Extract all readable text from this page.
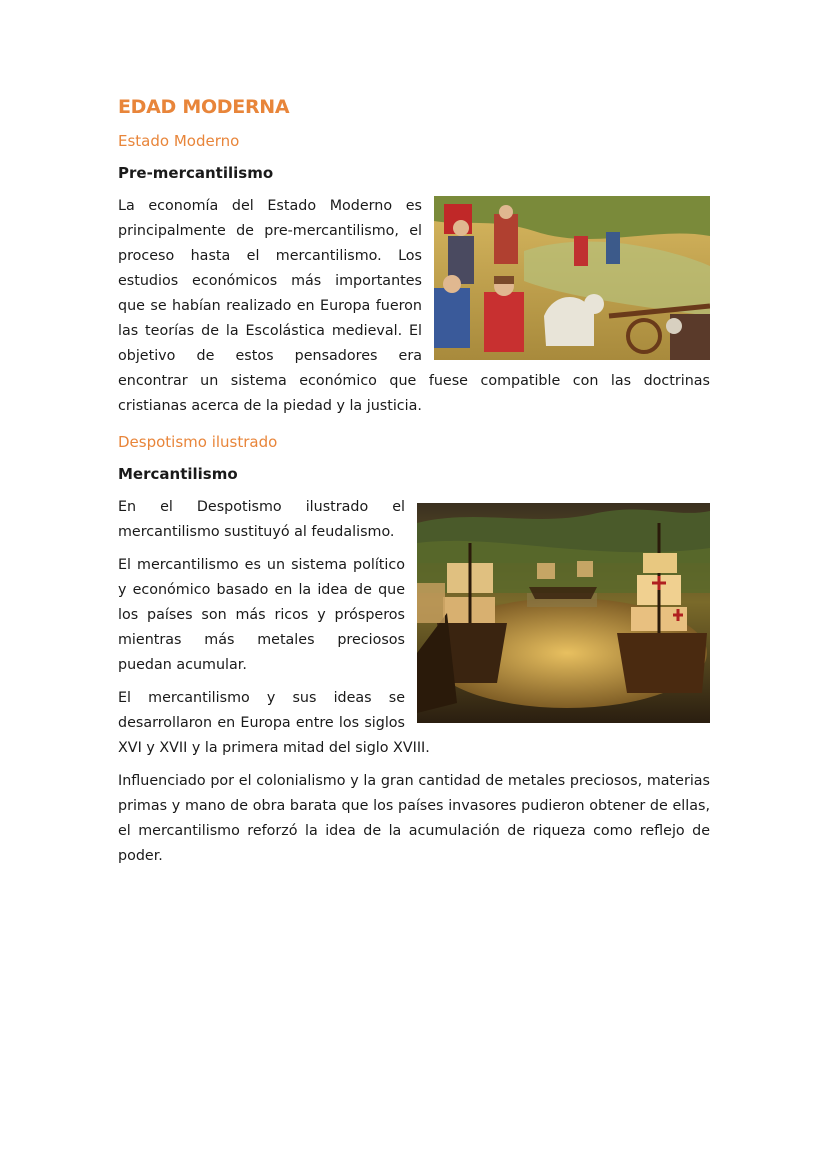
EDAD MODERNA
Estado Moderno
Pre-mercantilismo

La economía del Estado Moderno es principalmente de pre-mercantilismo, el proceso hasta el mercantilismo. Los estudios económicos más importantes que se habían realizado en Europa fueron las teorías de la Escolástica medieval. El objetivo de estos pensadores era encontrar un sistema económico que fuese compatible con las doctrinas cristianas acerca de la piedad y la justicia.

Despotismo ilustrado
Mercantilismo

En el Despotismo ilustrado el mercantilismo sustituyó al feudalismo.

El mercantilismo es un sistema político y económico basado en la idea de que los países son más ricos y prósperos mientras más metales preciosos puedan acumular.

El mercantilismo y sus ideas se desarrollaron en Europa entre los siglos XVI y XVII y la primera mitad del siglo XVIII.

Influenciado por el colonialismo y la gran cantidad de metales preciosos, materias primas y mano de obra barata que los países invasores pudieron obtener de ellas, el mercantilismo reforzó la idea de la acumulación de riqueza como reflejo de poder.
